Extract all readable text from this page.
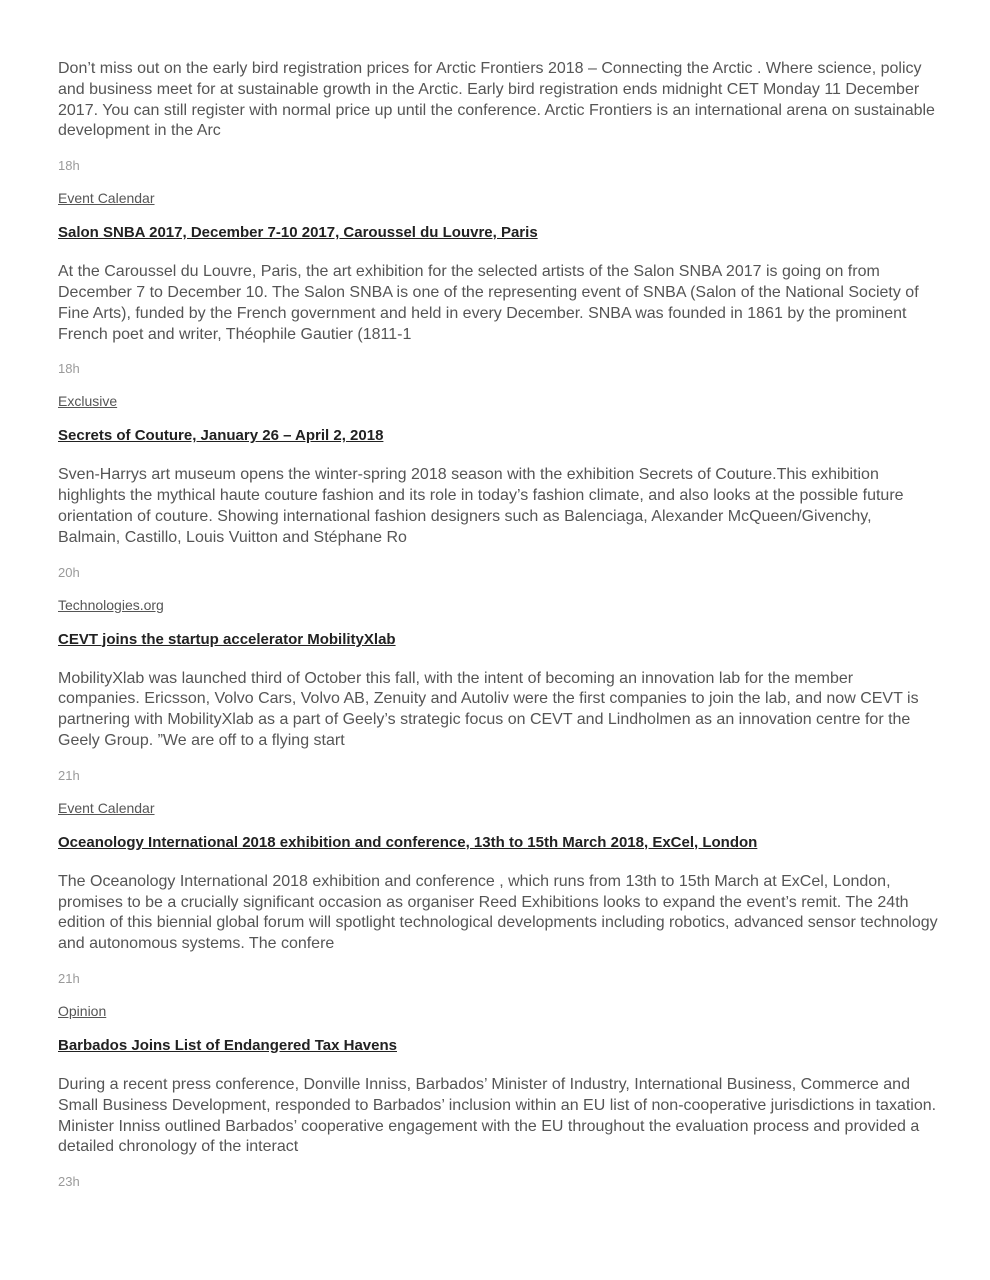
Don’t miss out on the early bird registration prices for Arctic Frontiers 2018 – Connecting the Arctic . Where science, policy and business meet for at sustainable growth in the Arctic. Early bird registration ends midnight CET Monday 11 December 2017. You can still register with normal price up until the conference. Arctic Frontiers is an international arena on sustainable development in the Arc

18h

Event Calendar
Salon SNBA 2017, December 7-10 2017, Caroussel du Louvre, Paris

At the Caroussel du Louvre, Paris, the art exhibition for the selected artists of the Salon SNBA 2017 is going on from December 7 to December 10. The Salon SNBA is one of the representing event of SNBA (Salon of the National Society of Fine Arts), funded by the French government and held in every December. SNBA was founded in 1861 by the prominent French poet and writer, Théophile Gautier (1811-1

18h

Exclusive
Secrets of Couture, January 26 – April 2, 2018

Sven-Harrys art museum opens the winter-spring 2018 season with the exhibition Secrets of Couture.This exhibition highlights the mythical haute couture fashion and its role in today’s fashion climate, and also looks at the possible future orientation of couture. Showing international fashion designers such as Balenciaga, Alexander McQueen/Givenchy, Balmain, Castillo, Louis Vuitton and Stéphane Ro

20h

Technologies.org
CEVT joins the startup accelerator MobilityXlab

MobilityXlab was launched third of October this fall, with the intent of becoming an innovation lab for the member companies. Ericsson, Volvo Cars, Volvo AB, Zenuity and Autoliv were the first companies to join the lab, and now CEVT is partnering with MobilityXlab as a part of Geely’s strategic focus on CEVT and Lindholmen as an innovation centre for the Geely Group. ”We are off to a flying start

21h

Event Calendar
Oceanology International 2018 exhibition and conference, 13th to 15th March 2018, ExCel, London

The Oceanology International 2018 exhibition and conference , which runs from 13th to 15th March at ExCel, London, promises to be a crucially significant occasion as organiser Reed Exhibitions looks to expand the event’s remit. The 24th edition of this biennial global forum will spotlight technological developments including robotics, advanced sensor technology and autonomous systems. The confere

21h

Opinion
Barbados Joins List of Endangered Tax Havens

During a recent press conference, Donville Inniss, Barbados’ Minister of Industry, International Business, Commerce and Small Business Development, responded to Barbados’ inclusion within an EU list of non-cooperative jurisdictions in taxation. Minister Inniss outlined Barbados’ cooperative engagement with the EU throughout the evaluation process and provided a detailed chronology of the interact

23h
